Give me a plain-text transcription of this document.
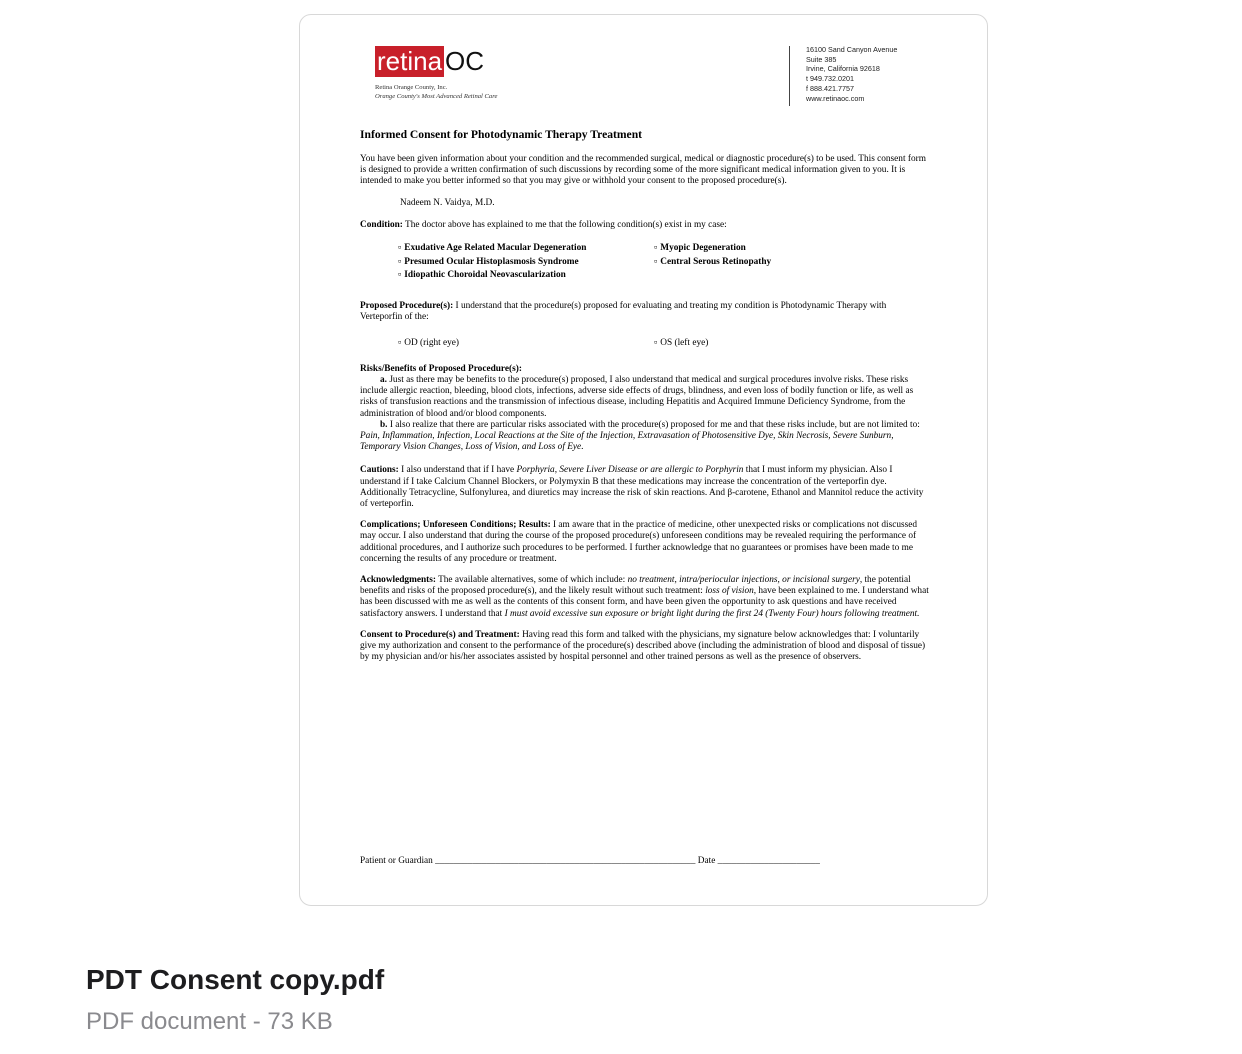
retina OC
Retina Orange County, Inc.
Orange County's Most Advanced Retinal Care
16100 Sand Canyon Avenue
Suite 385
Irvine, California 92618
t 949.732.0201
f 888.421.7757
www.retinaoc.com
Informed Consent for Photodynamic Therapy Treatment

You have been given information about your condition and the recommended surgical, medical or diagnostic procedure(s) to be used. This consent form is designed to provide a written confirmation of such discussions by recording some of the more significant medical information given to you. It is intended to make you better informed so that you may give or withhold your consent to the proposed procedure(s).

Nadeem N. Vaidya, M.D.

Condition: The doctor above has explained to me that the following condition(s) exist in my case:

▫ Exudative Age Related Macular Degeneration	▫ Myopic Degeneration
▫ Presumed Ocular Histoplasmosis Syndrome	▫ Central Serous Retinopathy
▫ Idiopathic Choroidal Neovascularization

Proposed Procedure(s): I understand that the procedure(s) proposed for evaluating and treating my condition is Photodynamic Therapy with Verteporfin of the:

▫ OD (right eye)	▫ OS (left eye)

Risks/Benefits of Proposed Procedure(s):
a. Just as there may be benefits to the procedure(s) proposed, I also understand that medical and surgical procedures involve risks. These risks include allergic reaction, bleeding, blood clots, infections, adverse side effects of drugs, blindness, and even loss of bodily function or life, as well as risks of transfusion reactions and the transmission of infectious disease, including Hepatitis and Acquired Immune Deficiency Syndrome, from the administration of blood and/or blood components.
b. I also realize that there are particular risks associated with the procedure(s) proposed for me and that these risks include, but are not limited to: Pain, Inflammation, Infection, Local Reactions at the Site of the Injection, Extravasation of Photosensitive Dye, Skin Necrosis, Severe Sunburn, Temporary Vision Changes, Loss of Vision, and Loss of Eye.

Cautions: I also understand that if I have Porphyria, Severe Liver Disease or are allergic to Porphyrin that I must inform my physician. Also I understand if I take Calcium Channel Blockers, or Polymyxin B that these medications may increase the concentration of the verteporfin dye. Additionally Tetracycline, Sulfonylurea, and diuretics may increase the risk of skin reactions. And β-carotene, Ethanol and Mannitol reduce the activity of verteporfin.

Complications; Unforeseen Conditions; Results: I am aware that in the practice of medicine, other unexpected risks or complications not discussed may occur. I also understand that during the course of the proposed procedure(s) unforeseen conditions may be revealed requiring the performance of additional procedures, and I authorize such procedures to be performed. I further acknowledge that no guarantees or promises have been made to me concerning the results of any procedure or treatment.

Acknowledgments: The available alternatives, some of which include: no treatment, intra/periocular injections, or incisional surgery, the potential benefits and risks of the proposed procedure(s), and the likely result without such treatment: loss of vision, have been explained to me. I understand what has been discussed with me as well as the contents of this consent form, and have been given the opportunity to ask questions and have received satisfactory answers. I understand that I must avoid excessive sun exposure or bright light during the first 24 (Twenty Four) hours following treatment.

Consent to Procedure(s) and Treatment: Having read this form and talked with the physicians, my signature below acknowledges that: I voluntarily give my authorization and consent to the performance of the procedure(s) described above (including the administration of blood and disposal of tissue) by my physician and/or his/her associates assisted by hospital personnel and other trained persons as well as the presence of observers.

Patient or Guardian ________________________________________________________ Date ______________________
PDT Consent copy.pdf
PDF document - 73 KB
